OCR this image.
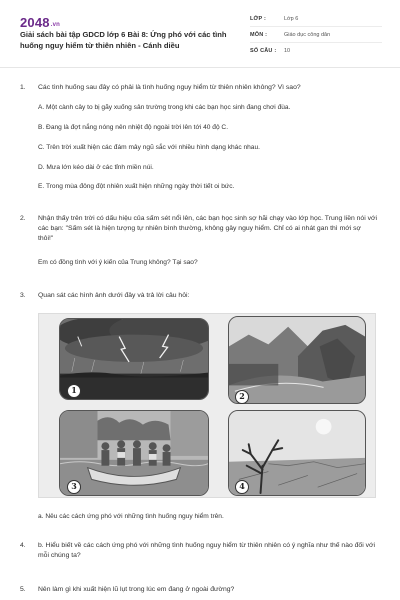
2048.vn
Giải sách bài tập GDCD lớp 6 Bài 8: Ứng phó với các tình huống nguy hiểm từ thiên nhiên - Cánh diều
LỚP :	Lớp 6
MÔN :	Giáo dục công dân
SỐ CÂU :	10
1.	Các tình huống sau đây có phải là tình huống nguy hiểm từ thiên nhiên không? Vì sao?
A. Một cành cây to bị gãy xuống sân trường trong khi các bạn học sinh đang chơi đùa.
B. Đang là đợt nắng nóng nên nhiệt độ ngoài trời lên tới 40 độ C.
C. Trên trời xuất hiện các đám mây ngũ sắc với nhiều hình dạng khác nhau.
D. Mưa lớn kéo dài ở các tỉnh miền núi.
E. Trong mùa đông đột nhiên xuất hiện những ngày thời tiết oi bức.
2.	Nhận thấy trên trời có dấu hiệu của sấm sét nổi lên, các bạn học sinh sợ hãi chạy vào lớp học. Trung liền nói với các bạn: "Sấm sét là hiện tượng tự nhiên bình thường, không gây nguy hiểm. Chỉ có ai nhát gan thì mới sợ thôi!"
Em có đồng tình với ý kiến của Trung không? Tại sao?
3.	Quan sát các hình ảnh dưới đây và trả lời câu hỏi:
1
2
3	4
a. Nêu các cách ứng phó với những tình huống nguy hiểm trên.
4.	b. Hiểu biết về các cách ứng phó với những tình huống nguy hiểm từ thiên nhiên có ý nghĩa như thế nào đối với mỗi chúng ta?
5.	Nên làm gì khi xuất hiện lũ lụt trong lúc em đang ở ngoài đường?
